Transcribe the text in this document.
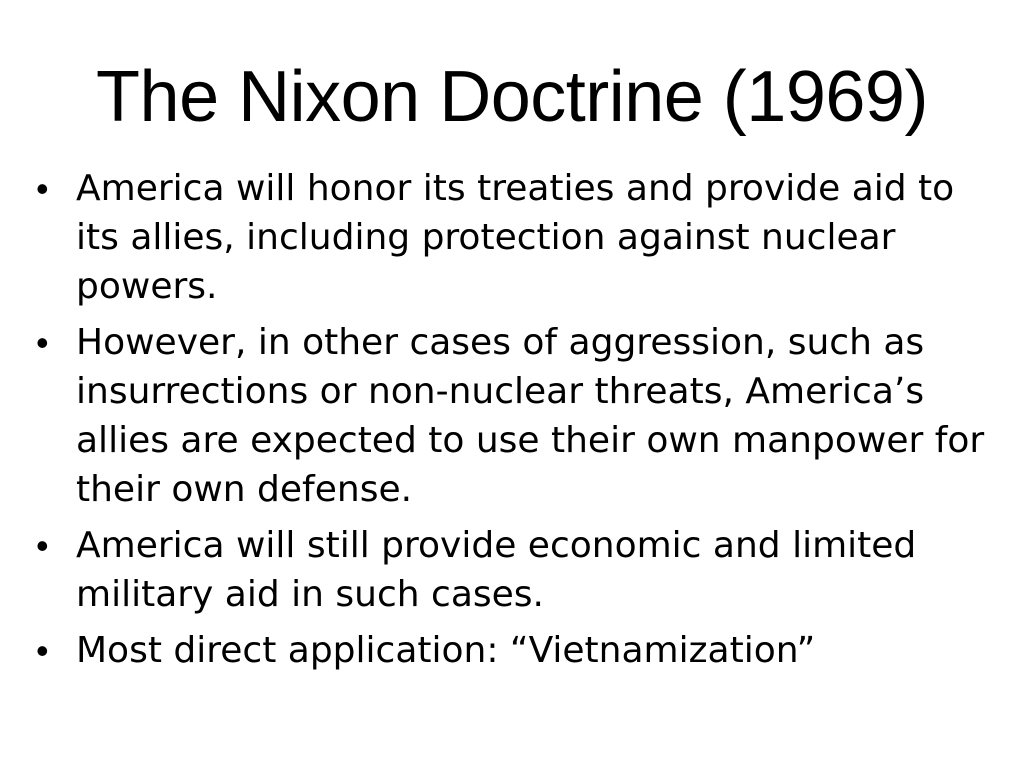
The Nixon Doctrine (1969)
• America will honor its treaties and provide aid to its allies, including protection against nuclear powers.
• However, in other cases of aggression, such as insurrections or non-nuclear threats, America’s allies are expected to use their own manpower for their own defense.
• America will still provide economic and limited military aid in such cases.
• Most direct application: “Vietnamization”
